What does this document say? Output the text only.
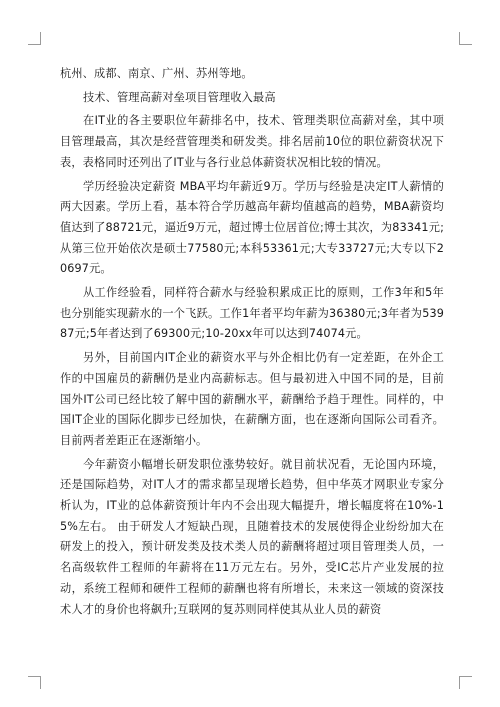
杭州、成都、南京、广州、苏州等地。

技术、管理高薪对垒项目管理收入最高

在IT业的各主要职位年薪排名中，技术、管理类职位高薪对垒，其中项目管理最高，其次是经营管理类和研发类。排名居前10位的职位薪资状况下表，表格同时还列出了IT业与各行业总体薪资状况相比较的情况。

学历经验决定薪资 MBA平均年薪近9万。学历与经验是决定IT人薪情的两大因素。学历上看，基本符合学历越高年薪均值越高的趋势，MBA薪资均值达到了88721元，逼近9万元，超过博士位居首位;博士其次，为83341元;从第三位开始依次是硕士77580元;本科53361元;大专33727元;大专以下20697元。

从工作经验看，同样符合薪水与经验积累成正比的原则，工作3年和5年也分别能实现薪水的一个飞跃。工作1年者平均年薪为36380元;3年者为53987元;5年者达到了69300元;10-20xx年可以达到74074元。

另外，目前国内IT企业的薪资水平与外企相比仍有一定差距，在外企工作的中国雇员的薪酬仍是业内高薪标志。但与最初进入中国不同的是，目前国外IT公司已经比较了解中国的薪酬水平，薪酬给予趋于理性。同样的，中国IT企业的国际化脚步已经加快，在薪酬方面，也在逐渐向国际公司看齐。目前两者差距正在逐渐缩小。

今年薪资小幅增长研发职位涨势较好。就目前状况看，无论国内环境，还是国际趋势，对IT人才的需求都呈现增长趋势，但中华英才网职业专家分析认为，IT业的总体薪资预计年内不会出现大幅提升，增长幅度将在10%-15%左右。 由于研发人才短缺凸现，且随着技术的发展使得企业纷纷加大在研发上的投入，预计研发类及技术类人员的薪酬将超过项目管理类人员，一名高级软件工程师的年薪将在11万元左右。另外，受IC芯片产业发展的拉动，系统工程师和硬件工程师的薪酬也将有所增长，未来这一领域的资深技术人才的身价也将飙升;互联网的复苏则同样使其从业人员的薪资
